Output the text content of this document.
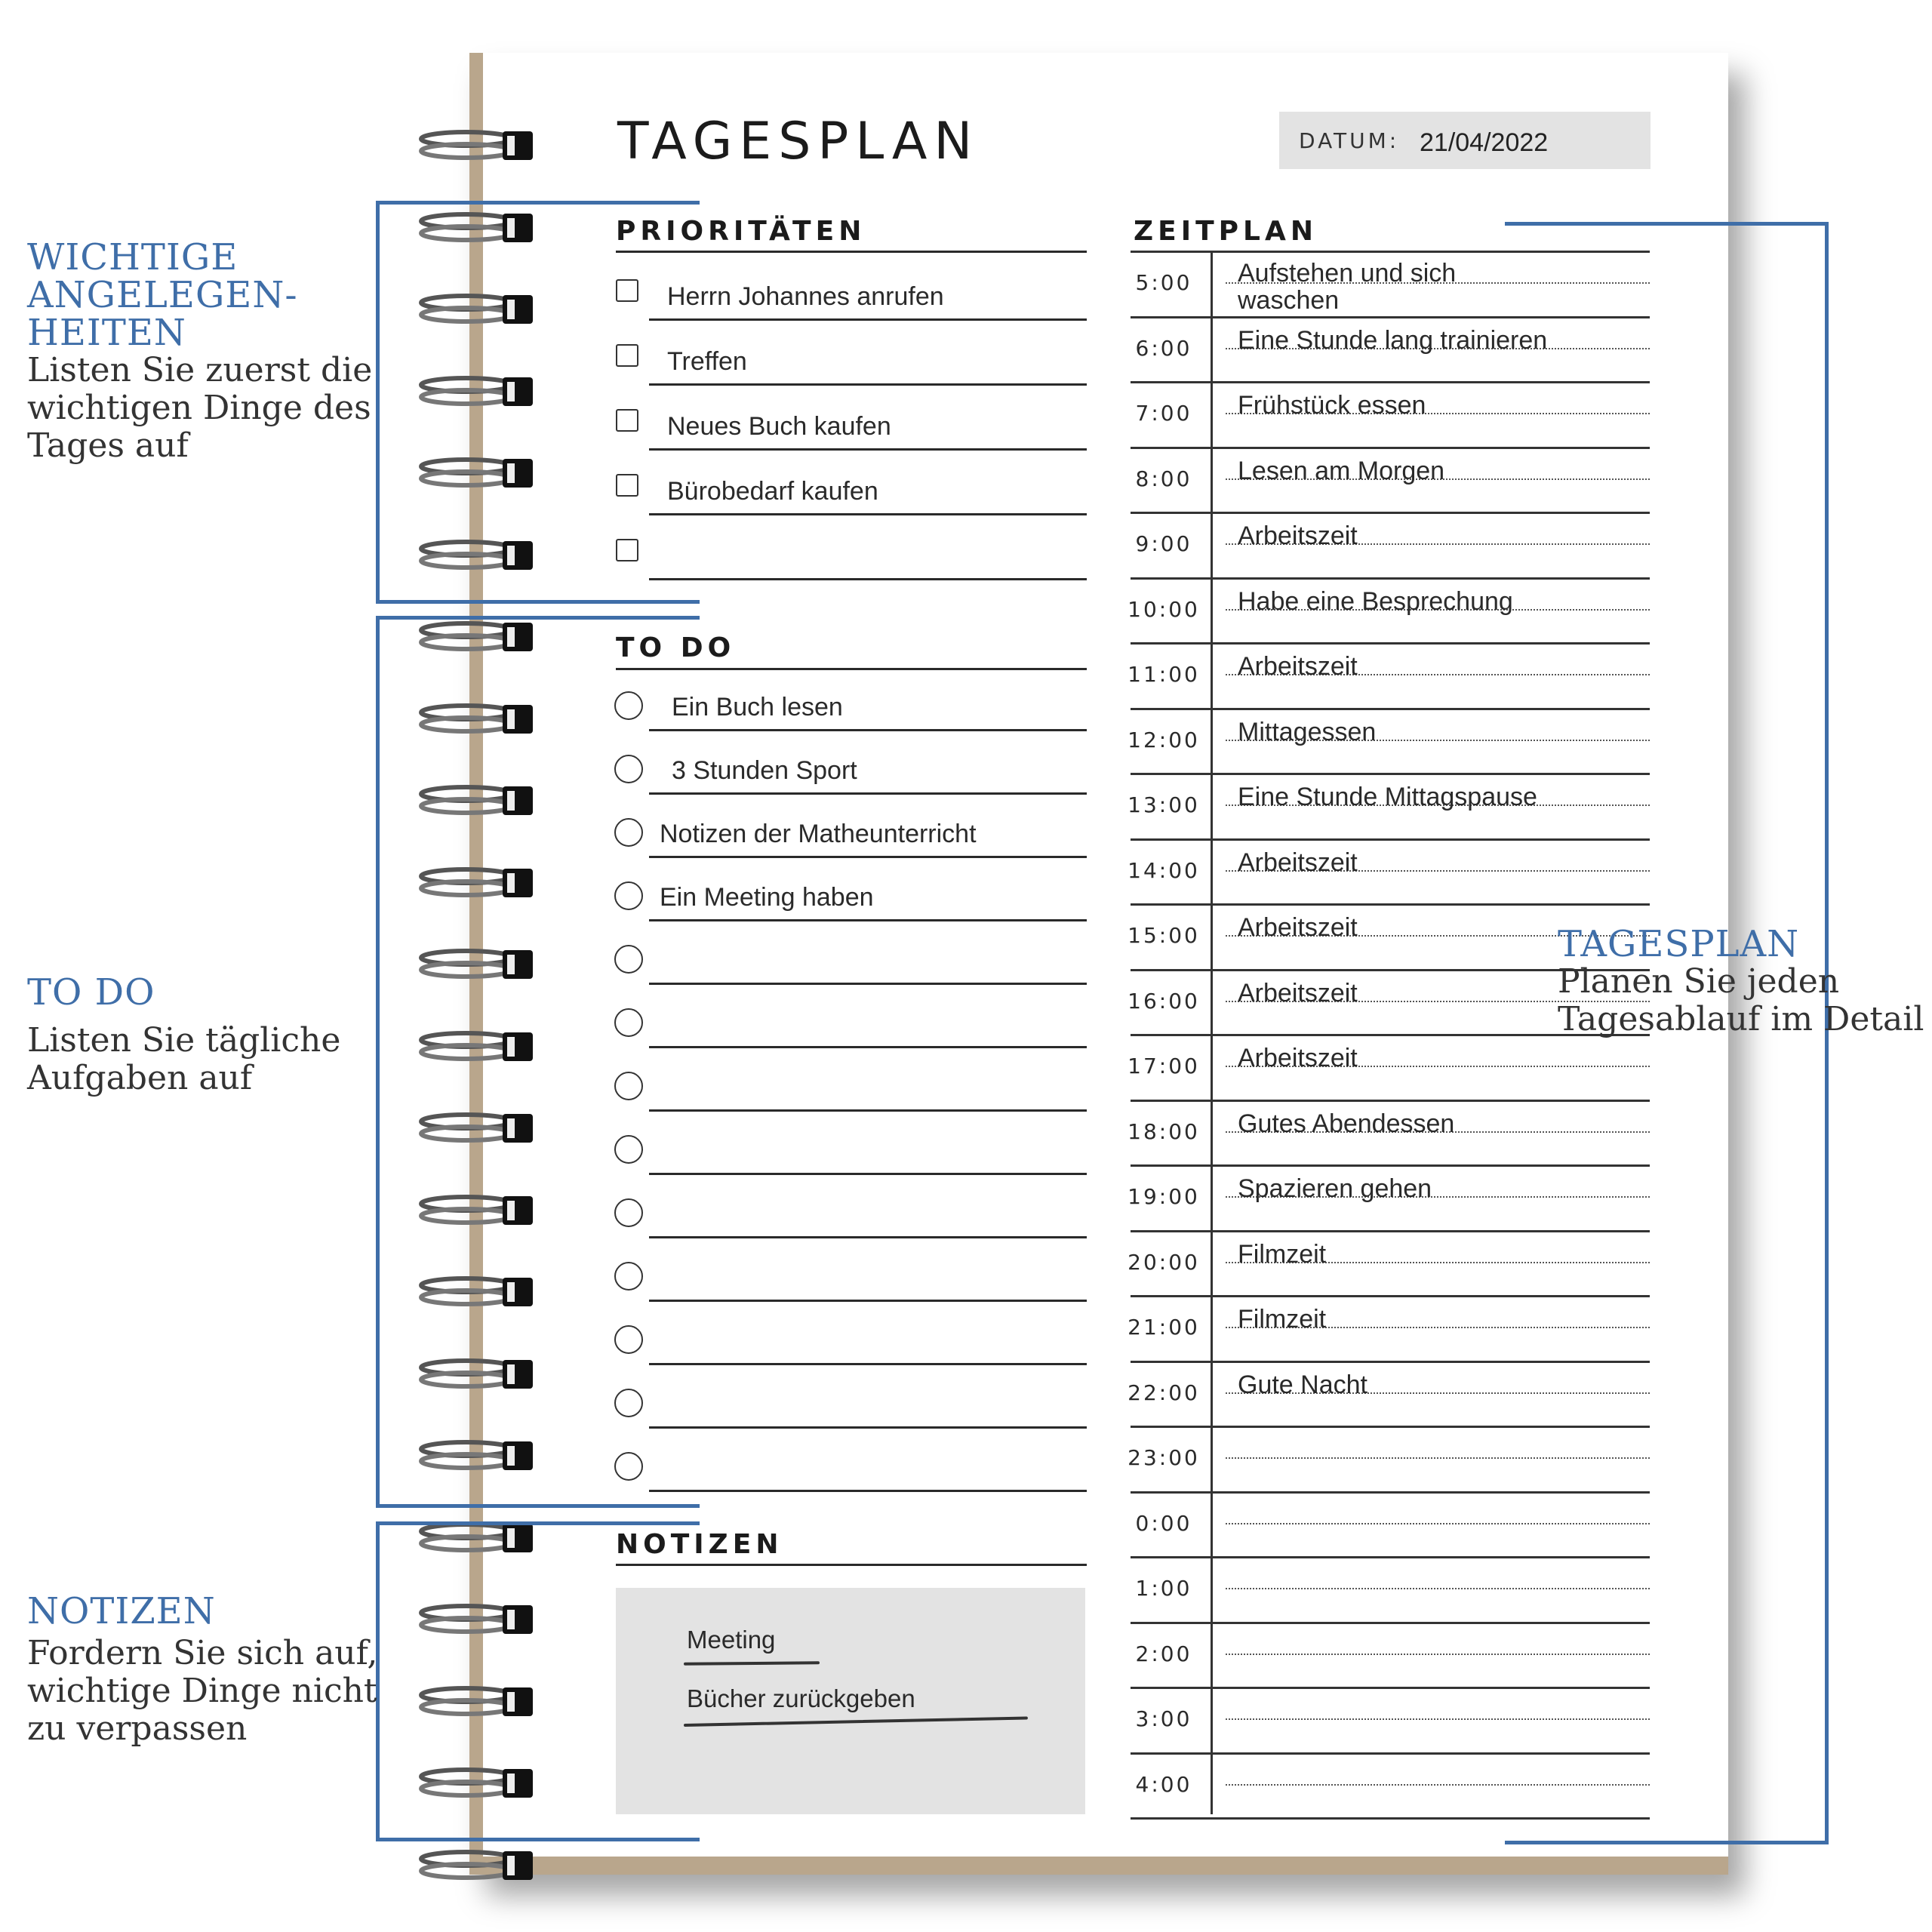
TAGESPLAN	DATUM: 21/04/2022
PRIORITÄTEN
Herrn Johannes anrufen
Treffen
Neues Buch kaufen
Bürobedarf kaufen
TO DO
Ein Buch lesen
3 Stunden Sport
Notizen der Matheunterricht
Ein Meeting haben
NOTIZEN
Meeting
Bücher zurückgeben
ZEITPLAN
5:00	Aufstehen und sich
waschen
6:00	Eine Stunde lang trainieren
7:00	Frühstück essen
8:00	Lesen am Morgen
9:00	Arbeitszeit
10:00 Habe eine Besprechung
11:00 Arbeitszeit
12:00 Mittagessen
13:00 Eine Stunde Mittagspause
14:00 Arbeitszeit
15:00 Arbeitszeit
16:00 Arbeitszeit
17:00 Arbeitszeit
18:00 Gutes Abendessen
19:00 Spazieren gehen
20:00 Filmzeit
21:00 Filmzeit
22:00 Gute Nacht
23:00
0:00
1:00
2:00
3:00
4:00
WICHTIGE
ANGELEGEN-
HEITEN
Listen Sie zuerst die
wichtigen Dinge des
Tages auf
TO DO
Listen Sie tägliche
Aufgaben auf
NOTIZEN
Fordern Sie sich auf,
wichtige Dinge nicht
zu verpassen
TAGESPLAN
Planen Sie jeden
Tagesablauf im Detail
